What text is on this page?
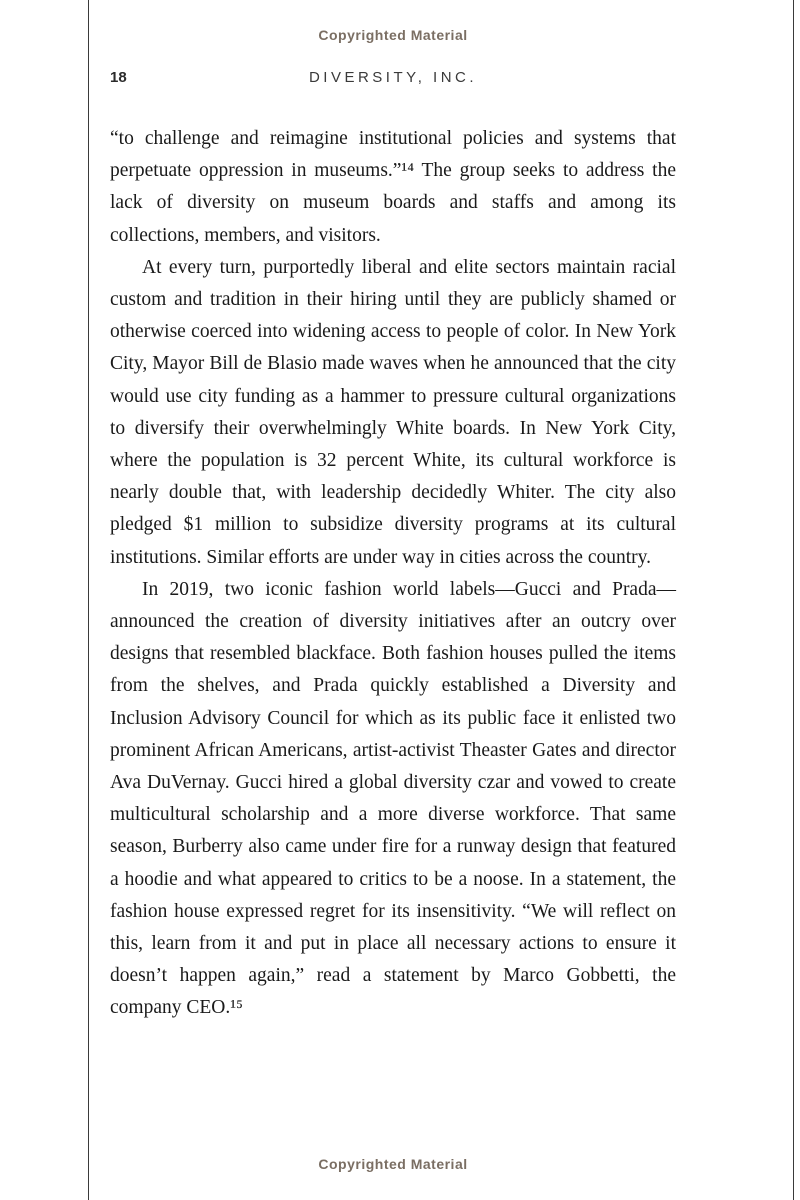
Copyrighted Material
18	DIVERSITY, INC.

“to challenge and reimagine institutional policies and systems that perpetuate oppression in museums.”¹⁴ The group seeks to address the lack of diversity on museum boards and staffs and among its collections, members, and visitors.

At every turn, purportedly liberal and elite sectors maintain racial custom and tradition in their hiring until they are publicly shamed or otherwise coerced into widening access to people of color. In New York City, Mayor Bill de Blasio made waves when he announced that the city would use city funding as a hammer to pressure cultural organizations to diversify their overwhelmingly White boards. In New York City, where the population is 32 percent White, its cultural workforce is nearly double that, with leadership decidedly Whiter. The city also pledged $1 million to subsidize diversity programs at its cultural institutions. Similar efforts are under way in cities across the country.

In 2019, two iconic fashion world labels—Gucci and Prada—announced the creation of diversity initiatives after an outcry over designs that resembled blackface. Both fashion houses pulled the items from the shelves, and Prada quickly established a Diversity and Inclusion Advisory Council for which as its public face it enlisted two prominent African Americans, artist-activist Theaster Gates and director Ava DuVernay. Gucci hired a global diversity czar and vowed to create multicultural scholarship and a more diverse workforce. That same season, Burberry also came under fire for a runway design that featured a hoodie and what appeared to critics to be a noose. In a statement, the fashion house expressed regret for its insensitivity. “We will reflect on this, learn from it and put in place all necessary actions to ensure it doesn’t happen again,” read a statement by Marco Gobbetti, the company CEO.¹⁵

Copyrighted Material
